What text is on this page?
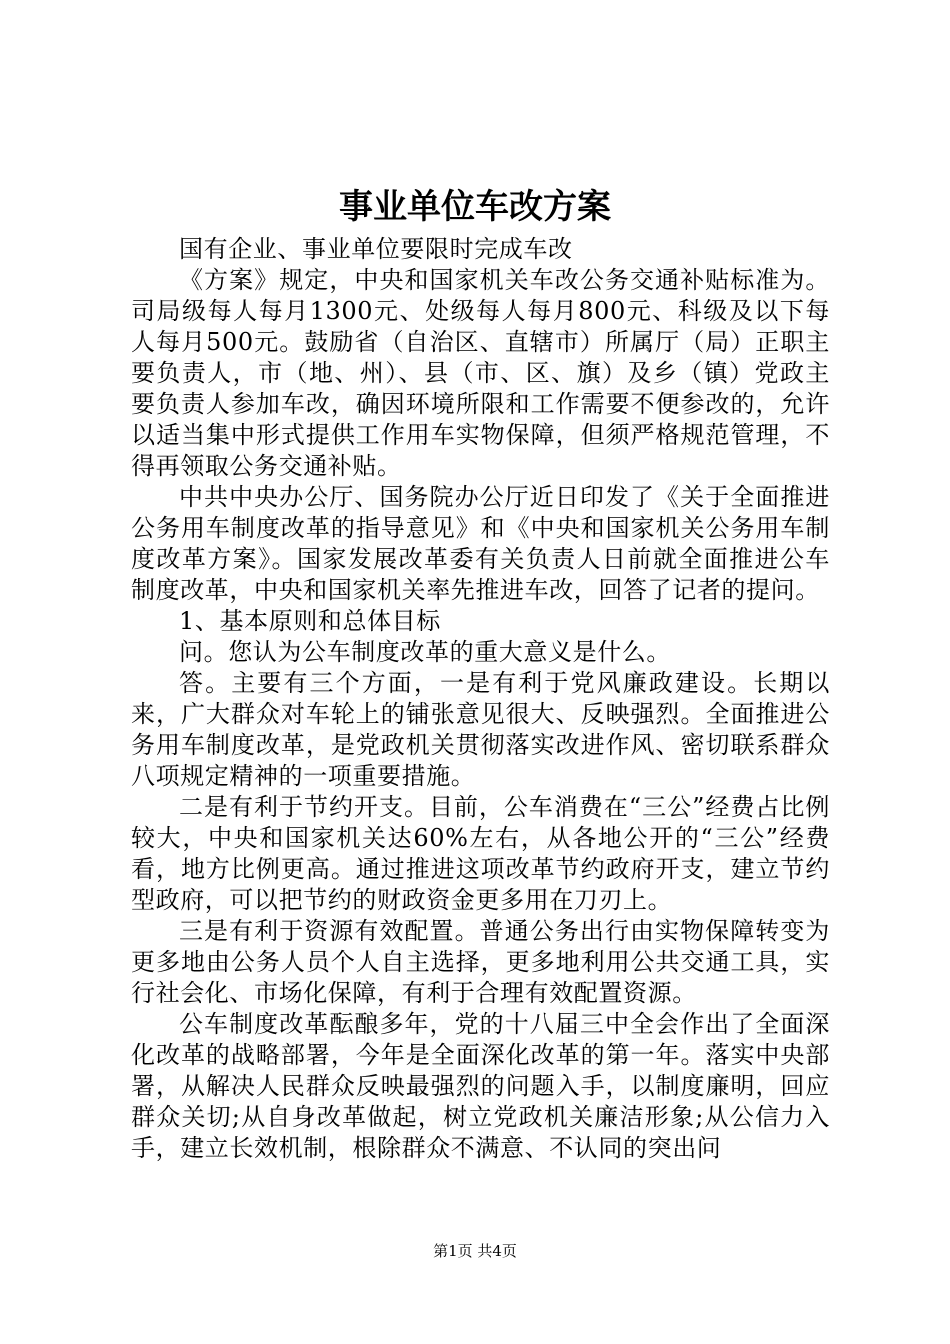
事业单位车改方案

国有企业、事业单位要限时完成车改

《方案》规定，中央和国家机关车改公务交通补贴标准为。司局级每人每月1300元、处级每人每月800元、科级及以下每人每月500元。鼓励省（自治区、直辖市）所属厅（局）正职主要负责人，市（地、州）、县（市、区、旗）及乡（镇）党政主要负责人参加车改，确因环境所限和工作需要不便参改的，允许以适当集中形式提供工作用车实物保障，但须严格规范管理，不得再领取公务交通补贴。

中共中央办公厅、国务院办公厅近日印发了《关于全面推进公务用车制度改革的指导意见》和《中央和国家机关公务用车制度改革方案》。国家发展改革委有关负责人日前就全面推进公车制度改革，中央和国家机关率先推进车改，回答了记者的提问。

1、基本原则和总体目标

问。您认为公车制度改革的重大意义是什么。

答。主要有三个方面，一是有利于党风廉政建设。长期以来，广大群众对车轮上的铺张意见很大、反映强烈。全面推进公务用车制度改革，是党政机关贯彻落实改进作风、密切联系群众八项规定精神的一项重要措施。

二是有利于节约开支。目前，公车消费在“三公”经费占比例较大，中央和国家机关达60%左右，从各地公开的“三公”经费看，地方比例更高。通过推进这项改革节约政府开支，建立节约型政府，可以把节约的财政资金更多用在刀刃上。

三是有利于资源有效配置。普通公务出行由实物保障转变为更多地由公务人员个人自主选择，更多地利用公共交通工具，实行社会化、市场化保障，有利于合理有效配置资源。

公车制度改革酝酿多年，党的十八届三中全会作出了全面深化改革的战略部署，今年是全面深化改革的第一年。落实中央部署，从解决人民群众反映最强烈的问题入手，以制度廉明，回应群众关切;从自身改革做起，树立党政机关廉洁形象;从公信力入手，建立长效机制，根除群众不满意、不认同的突出问

第1页 共4页
